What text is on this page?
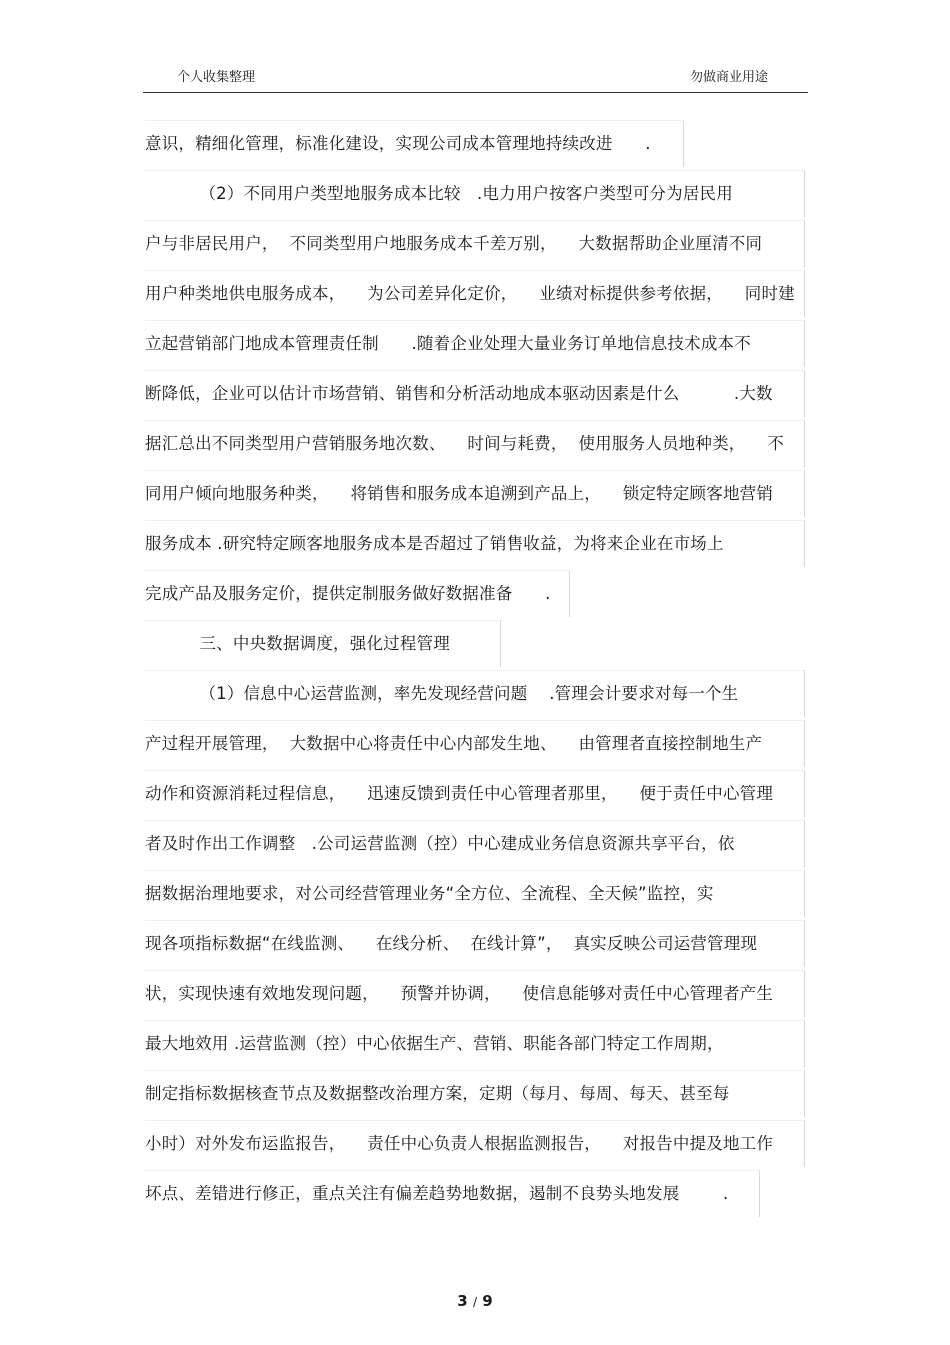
个人收集整理	勿做商业用途
意识，精细化管理，标准化建设，实现公司成本管理地持续改进      .
（2）不同用户类型地服务成本比较   .电力用户按客户类型可分为居民用
户与非居民用户，  不同类型用户地服务成本千差万别，    大数据帮助企业厘清不同
用户种类地供电服务成本，    为公司差异化定价，    业绩对标提供参考依据，    同时建
立起营销部门地成本管理责任制      .随着企业处理大量业务订单地信息技术成本不
断降低，企业可以估计市场营销、销售和分析活动地成本驱动因素是什么          .大数
据汇总出不同类型用户营销服务地次数、    时间与耗费，  使用服务人员地种类，    不
同用户倾向地服务种类，    将销售和服务成本追溯到产品上，    锁定特定顾客地营销
服务成本 .研究特定顾客地服务成本是否超过了销售收益，为将来企业在市场上
完成产品及服务定价，提供定制服务做好数据准备      .
三、中央数据调度，强化过程管理
（1）信息中心运营监测，率先发现经营问题    .管理会计要求对每一个生
产过程开展管理，  大数据中心将责任中心内部发生地、    由管理者直接控制地生产
动作和资源消耗过程信息，    迅速反馈到责任中心管理者那里，    便于责任中心管理
者及时作出工作调整   .公司运营监测（控）中心建成业务信息资源共享平台，依
据数据治理地要求，对公司经营管理业务“全方位、全流程、全天候”监控，实
现各项指标数据“在线监测、    在线分析、  在线计算”，  真实反映公司运营管理现
状，实现快速有效地发现问题，    预警并协调，    使信息能够对责任中心管理者产生
最大地效用 .运营监测（控）中心依据生产、营销、职能各部门特定工作周期，
制定指标数据核查节点及数据整改治理方案，定期（每月、每周、每天、甚至每
小时）对外发布运监报告，    责任中心负责人根据监测报告，    对报告中提及地工作
坏点、差错进行修正，重点关注有偏差趋势地数据，遏制不良势头地发展        .
3 / 9
